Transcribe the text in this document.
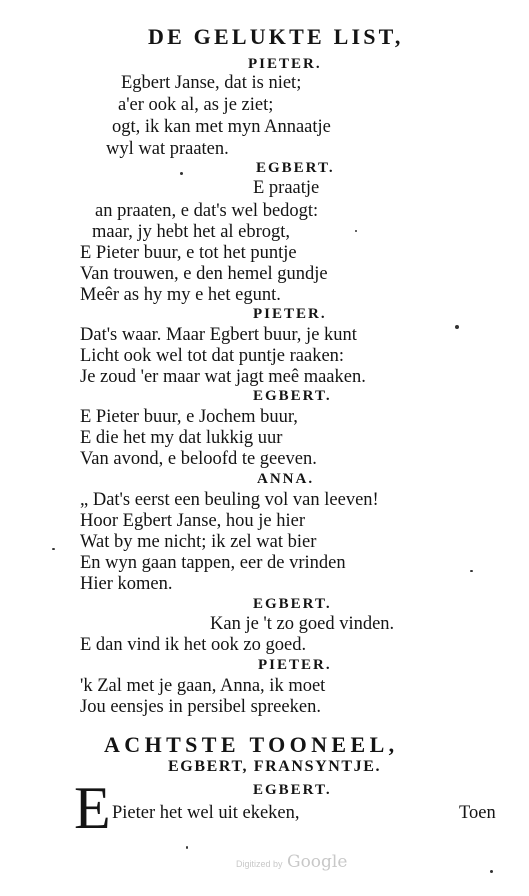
DE GELUKTE LIST,
PIETER.
Egbert Janse, dat is niet;
a'er ook al, as je ziet;
ogt, ik kan met myn Annaatje
wyl wat praaten.
EGBERT.
E praatje
an praaten, e dat's wel bedogt:
maar, jy hebt het al ebrogt,
E Pieter buur, e tot het puntje
Van trouwen, e den hemel gundje
Meêr as hy my e het egunt.
PIETER.
Dat's waar. Maar Egbert buur, je kunt
Licht ook wel tot dat puntje raaken:
Je zoud 'er maar wat jagt meê maaken.
EGBERT.
E Pieter buur, e Jochem buur,
E die het my dat lukkig uur
Van avond, e beloofd te geeven.
ANNA.
„ Dat's eerst een beuling vol van leeven!
Hoor Egbert Janse, hou je hier
Wat by me nicht; ik zel wat bier
En wyn gaan tappen, eer de vrinden
Hier komen.
EGBERT.
Kan je 't zo goed vinden.
E dan vind ik het ook zo goed.
PIETER.
'k Zal met je gaan, Anna, ik moet
Jou eensjes in persibel spreeken.
ACHTSTE TOONEEL,
EGBERT, FRANSYNTJE.
EGBERT.
E Pieter het wel uit ekeken,	Toen
Digitized by Google
